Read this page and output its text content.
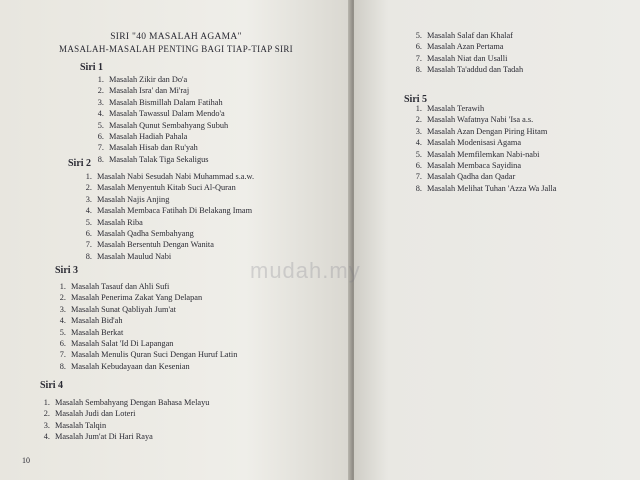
SIRI "40 MASALAH AGAMA"
MASALAH-MASALAH PENTING BAGI TIAP-TIAP SIRI
Siri 1
1. Masalah Zikir dan Do'a
2. Masalah Isra' dan Mi'raj
3. Masalah Bismillah Dalam Fatihah
4. Masalah Tawassul Dalam Mendo'a
5. Masalah Qunut Sembahyang Subuh
6. Masalah Hadiah Pahala
7. Masalah Hisab dan Ru'yah
8. Masalah Talak Tiga Sekaligus
Siri 2
1. Masalah Nabi Sesudah Nabi Muhammad s.a.w.
2. Masalah Menyentuh Kitab Suci Al-Quran
3. Masalah Najis Anjing
4. Masalah Membaca Fatihah Di Belakang Imam
5. Masalah Riba
6. Masalah Qadha Sembahyang
7. Masalah Bersentuh Dengan Wanita
8. Masalah Maulud Nabi
Siri 3
1. Masalah Tasauf dan Ahli Sufi
2. Masalah Penerima Zakat Yang Delapan
3. Masalah Sunat Qabliyah Jum'at
4. Masalah Bid'ah
5. Masalah Berkat
6. Masalah Salat 'Id Di Lapangan
7. Masalah Menulis Quran Suci Dengan Huruf Latin
8. Masalah Kebudayaan dan Kesenian
Siri 4
1. Masalah Sembahyang Dengan Bahasa Melayu
2. Masalah Judi dan Loteri
3. Masalah Talqin
4. Masalah Jum'at Di Hari Raya
10
5. Masalah Salaf dan Khalaf
6. Masalah Azan Pertama
7. Masalah Niat dan Usalli
8. Masalah Ta'addud dan Tadah
Siri 5
1. Masalah Terawih
2. Masalah Wafatnya Nabi 'Isa a.s.
3. Masalah Azan Dengan Piring Hitam
4. Masalah Modenisasi Agama
5. Masalah Memfilemkan Nabi-nabi
6. Masalah Membaca Sayidina
7. Masalah Qadha dan Qadar
8. Masalah Melihat Tuhan 'Azza Wa Jalla
mudah.my
